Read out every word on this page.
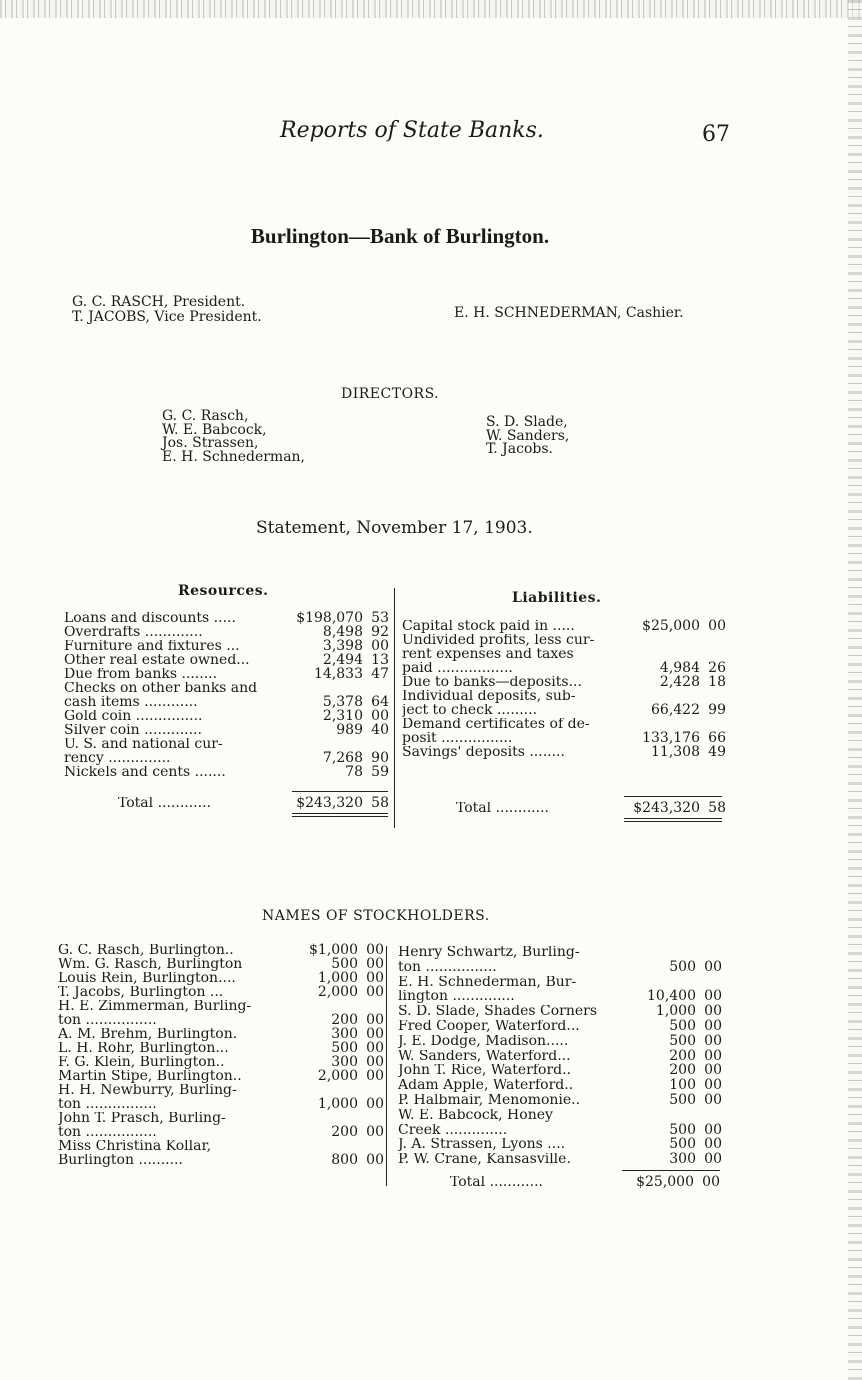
Reports of State Banks.	67
Burlington—Bank of Burlington.
G. C. RASCH, President.
T. JACOBS, Vice President.	E. H. SCHNEDERMAN, Cashier.
DIRECTORS.
G. C. Rasch,
W. E. Babcock,
Jos. Strassen,
E. H. Schnederman,
S. D. Slade,
W. Sanders,
T. Jacobs.
Statement, November 17, 1903.
Resources.	Liabilities.
Loans and discounts .....	$198,070 53
Overdrafts .............	8,498 92
Furniture and fixtures ...	3,398 00
Other real estate owned...	2,494 13
Due from banks ........	14,833 47
Checks on other banks and
cash items ............	5,378 64
Gold coin ...............	2,310 00
Silver coin .............	989 40
U. S. and national cur-
rency ..............	7,268 90
Nickels and cents .......	78 59
Total ............	$243,320 58
Capital stock paid in .....	$25,000 00
Undivided profits, less cur-
rent expenses and taxes
paid .................	4,984 26
Due to banks—deposits...	2,428 18
Individual deposits, sub-
ject to check .........	66,422 99
Demand certificates of de-
posit ................	133,176 66
Savings' deposits ........	11,308 49
Total ............	$243,320 58
NAMES OF STOCKHOLDERS.
G. C. Rasch, Burlington..	$1,000 00
Wm. G. Rasch, Burlington	500 00
Louis Rein, Burlington....	1,000 00
T. Jacobs, Burlington ...	2,000 00
H. E. Zimmerman, Burling-
ton ................	200 00
A. M. Brehm, Burlington.	300 00
L. H. Rohr, Burlington...	500 00
F. G. Klein, Burlington..	300 00
Martin Stipe, Burlington..	2,000 00
H. H. Newburry, Burling-
ton ................	1,000 00
John T. Prasch, Burling-
ton ................	200 00
Miss Christina Kollar,
Burlington ..........	800 00
Henry Schwartz, Burling-
ton ................	500 00
E. H. Schnederman, Bur-
lington ..............	10,400 00
S. D. Slade, Shades Corners	1,000 00
Fred Cooper, Waterford...	500 00
J. E. Dodge, Madison.....	500 00
W. Sanders, Waterford...	200 00
John T. Rice, Waterford..	200 00
Adam Apple, Waterford..	100 00
P. Halbmair, Menomonie..	500 00
W. E. Babcock, Honey
Creek ..............	500 00
J. A. Strassen, Lyons ....	500 00
P. W. Crane, Kansasville.	300 00
Total ............	$25,000 00
